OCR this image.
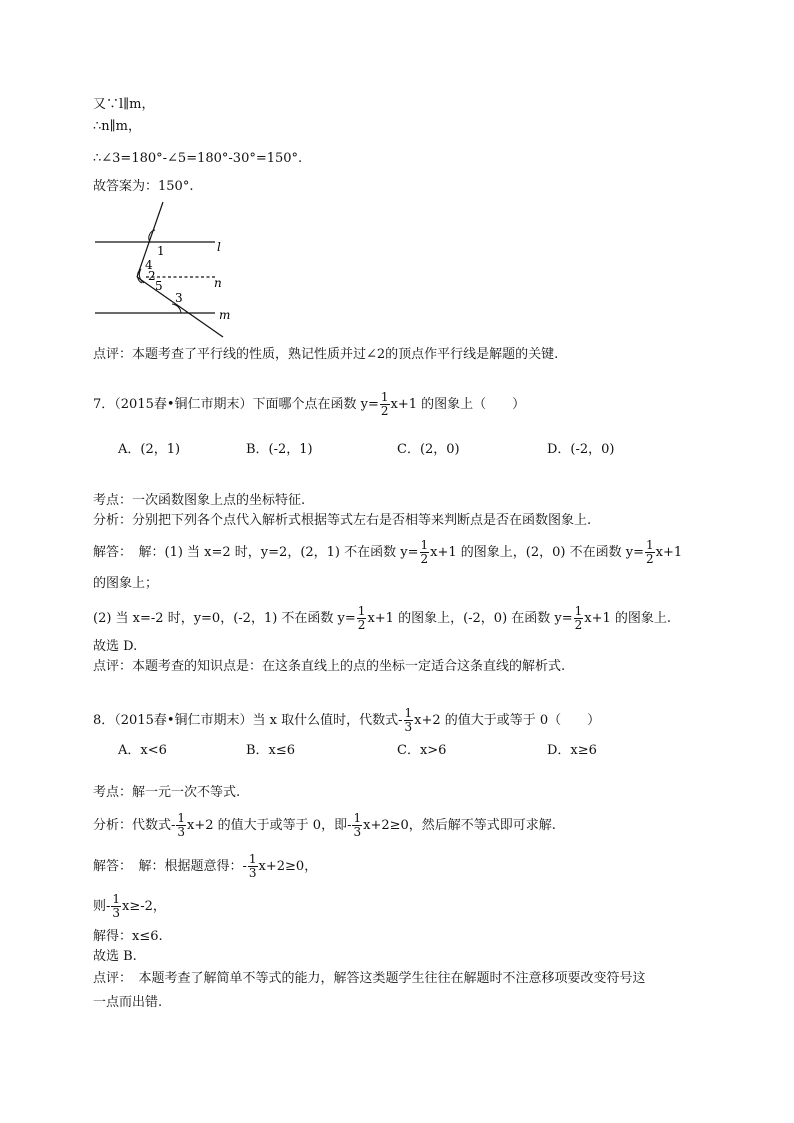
又∵l∥m，
∴n∥m，
∴∠3=180°-∠5=180°-30°=150°.
故答案为：150°.
1
4
2
5
3
l
n
m
点评：本题考查了平行线的性质，熟记性质并过∠2的顶点作平行线是解题的关键.
7．（2015春•铜仁市期末）下面哪个点在函数 $y= \frac{1}{2} x+1$ 的图象上（　　）
A．(2，1)	B．(-2，1)	C．(2，0)	D．(-2，0)
考点：一次函数图象上点的坐标特征.
分析：分别把下列各个点代入解析式根据等式左右是否相等来判断点是否在函数图象上.
解答：　解：(1) 当 x=2 时，y=2，(2，1) 不在函数 $y= \frac{1}{2} x+1$ 的图象上，(2，0) 不在函数 $y= \frac{1}{2} x+1$
的图象上；
(2) 当 x=-2 时，y=0，(-2，1) 不在函数 $y= \frac{1}{2} x+1$ 的图象上，(-2，0) 在函数 $y= \frac{1}{2} x+1$ 的图象上.
故选 D.
点评：本题考查的知识点是：在这条直线上的点的坐标一定适合这条直线的解析式.
8．（2015春•铜仁市期末）当 x 取什么值时，代数式- $\frac{1}{3} x+2$ 的值大于或等于 0（　　）
A．x<6	B．x≤6	C．x>6	D．x≥6
考点：解一元一次不等式.
分析：代数式- $\frac{1}{3} x+2$ 的值大于或等于 0，即- $\frac{1}{3} x+2\ge 0$，然后解不等式即可求解.
解答：　解：根据题意得：- $\frac{1}{3} x+2\ge 0$，
则- $\frac{1}{3} x\ge-2$，
解得：x≤6.
故选 B.
点评：　本题考查了解简单不等式的能力，解答这类题学生往往在解题时不注意移项要改变符号这
一点而出错.
